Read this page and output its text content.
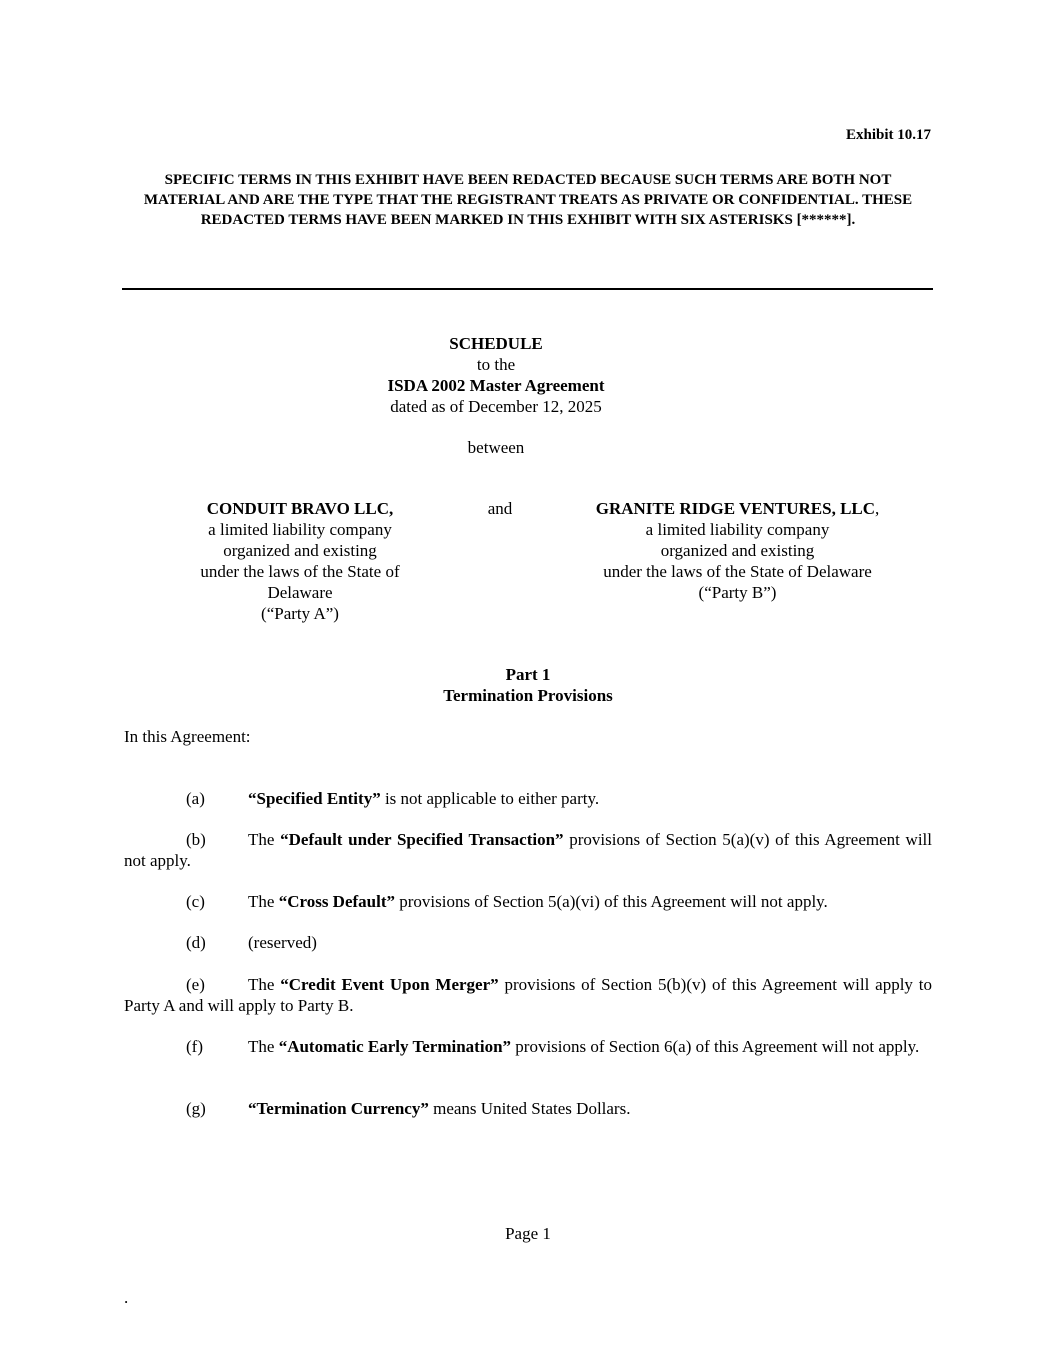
Exhibit 10.17
SPECIFIC TERMS IN THIS EXHIBIT HAVE BEEN REDACTED BECAUSE SUCH TERMS ARE BOTH NOT MATERIAL AND ARE THE TYPE THAT THE REGISTRANT TREATS AS PRIVATE OR CONFIDENTIAL. THESE REDACTED TERMS HAVE BEEN MARKED IN THIS EXHIBIT WITH SIX ASTERISKS [******].
SCHEDULE
to the
ISDA 2002 Master Agreement
dated as of December 12, 2025
between
CONDUIT BRAVO LLC,
a limited liability company
organized and existing
under the laws of the State of
Delaware
(“Party A”)
and	GRANITE RIDGE VENTURES, LLC,
a limited liability company
organized and existing
under the laws of the State of Delaware
(“Party B”)
Part 1
Termination Provisions
In this Agreement:

(a)	“Specified Entity” is not applicable to either party.

(b) The “Default under Specified Transaction” provisions of Section 5(a)(v) of this Agreement will not apply.

(c)	The “Cross Default” provisions of Section 5(a)(vi) of this Agreement will not apply.

(d) (reserved)

(e)	The “Credit Event Upon Merger” provisions of Section 5(b)(v) of this Agreement will apply to Party A and will apply to Party B.

(f)	The “Automatic Early Termination” provisions of Section 6(a) of this Agreement will not apply.

(g) “Termination Currency” means United States Dollars.

Page 1
.
